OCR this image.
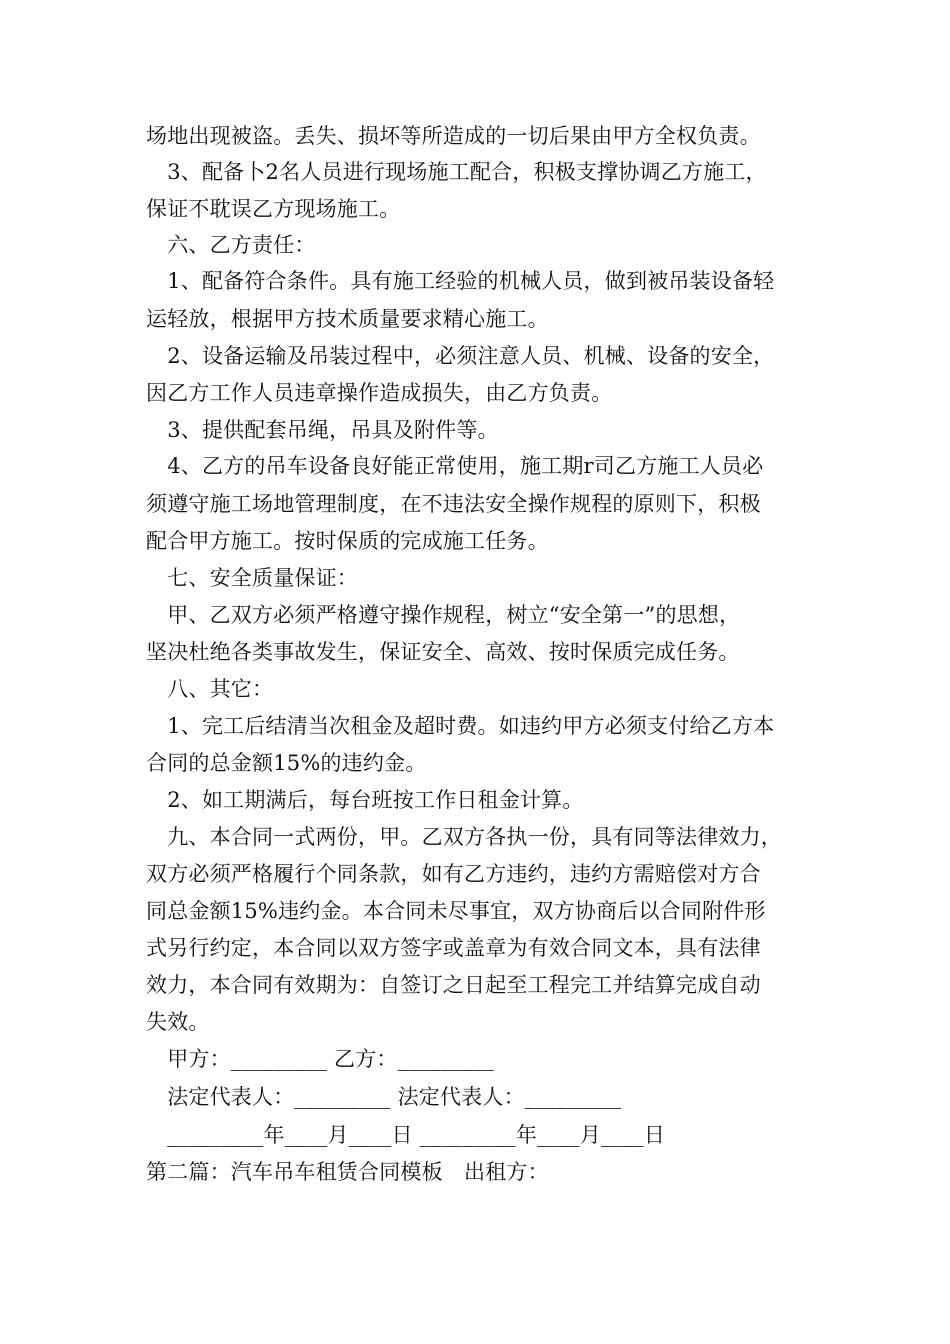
场地出现被盗。丢失、损坏等所造成的一切后果由甲方全权负责。
　3、配备卜2名人员进行现场施工配合，积极支撑协调乙方施工，
保证不耽误乙方现场施工。
　六、乙方责任：
　1、配备符合条件。具有施工经验的机械人员，做到被吊装设备轻
运轻放，根据甲方技术质量要求精心施工。
　2、设备运输及吊装过程中，必须注意人员、机械、设备的安全，
因乙方工作人员违章操作造成损失，由乙方负责。
　3、提供配套吊绳，吊具及附件等。
　4、乙方的吊车设备良好能正常使用，施工期r司乙方施工人员必
须遵守施工场地管理制度，在不违法安全操作规程的原则下，积极
配合甲方施工。按时保质的完成施工任务。
　七、安全质量保证：
　甲、乙双方必须严格遵守操作规程，树立“安全第一”的思想，
坚决杜绝各类事故发生，保证安全、高效、按时保质完成任务。
　八、其它：
　1、完工后结清当次租金及超时费。如违约甲方必须支付给乙方本
合同的总金额15%的违约金。
　2、如工期满后，每台班按工作日租金计算。
　九、本合同一式两份，甲。乙双方各执一份，具有同等法律效力，
双方必须严格履行个同条款，如有乙方违约，违约方需赔偿对方合
同总金额15%违约金。本合同未尽事宜，双方协商后以合同附件形
式另行约定，本合同以双方签字或盖章为有效合同文本，具有法律
效力，本合同有效期为：自签订之日起至工程完工并结算完成自动
失效。
　甲方：_________ 乙方：_________
　法定代表人：_________ 法定代表人：_________
　_________年____月____日 _________年____月____日
第二篇：汽车吊车租赁合同模板　出租方：
